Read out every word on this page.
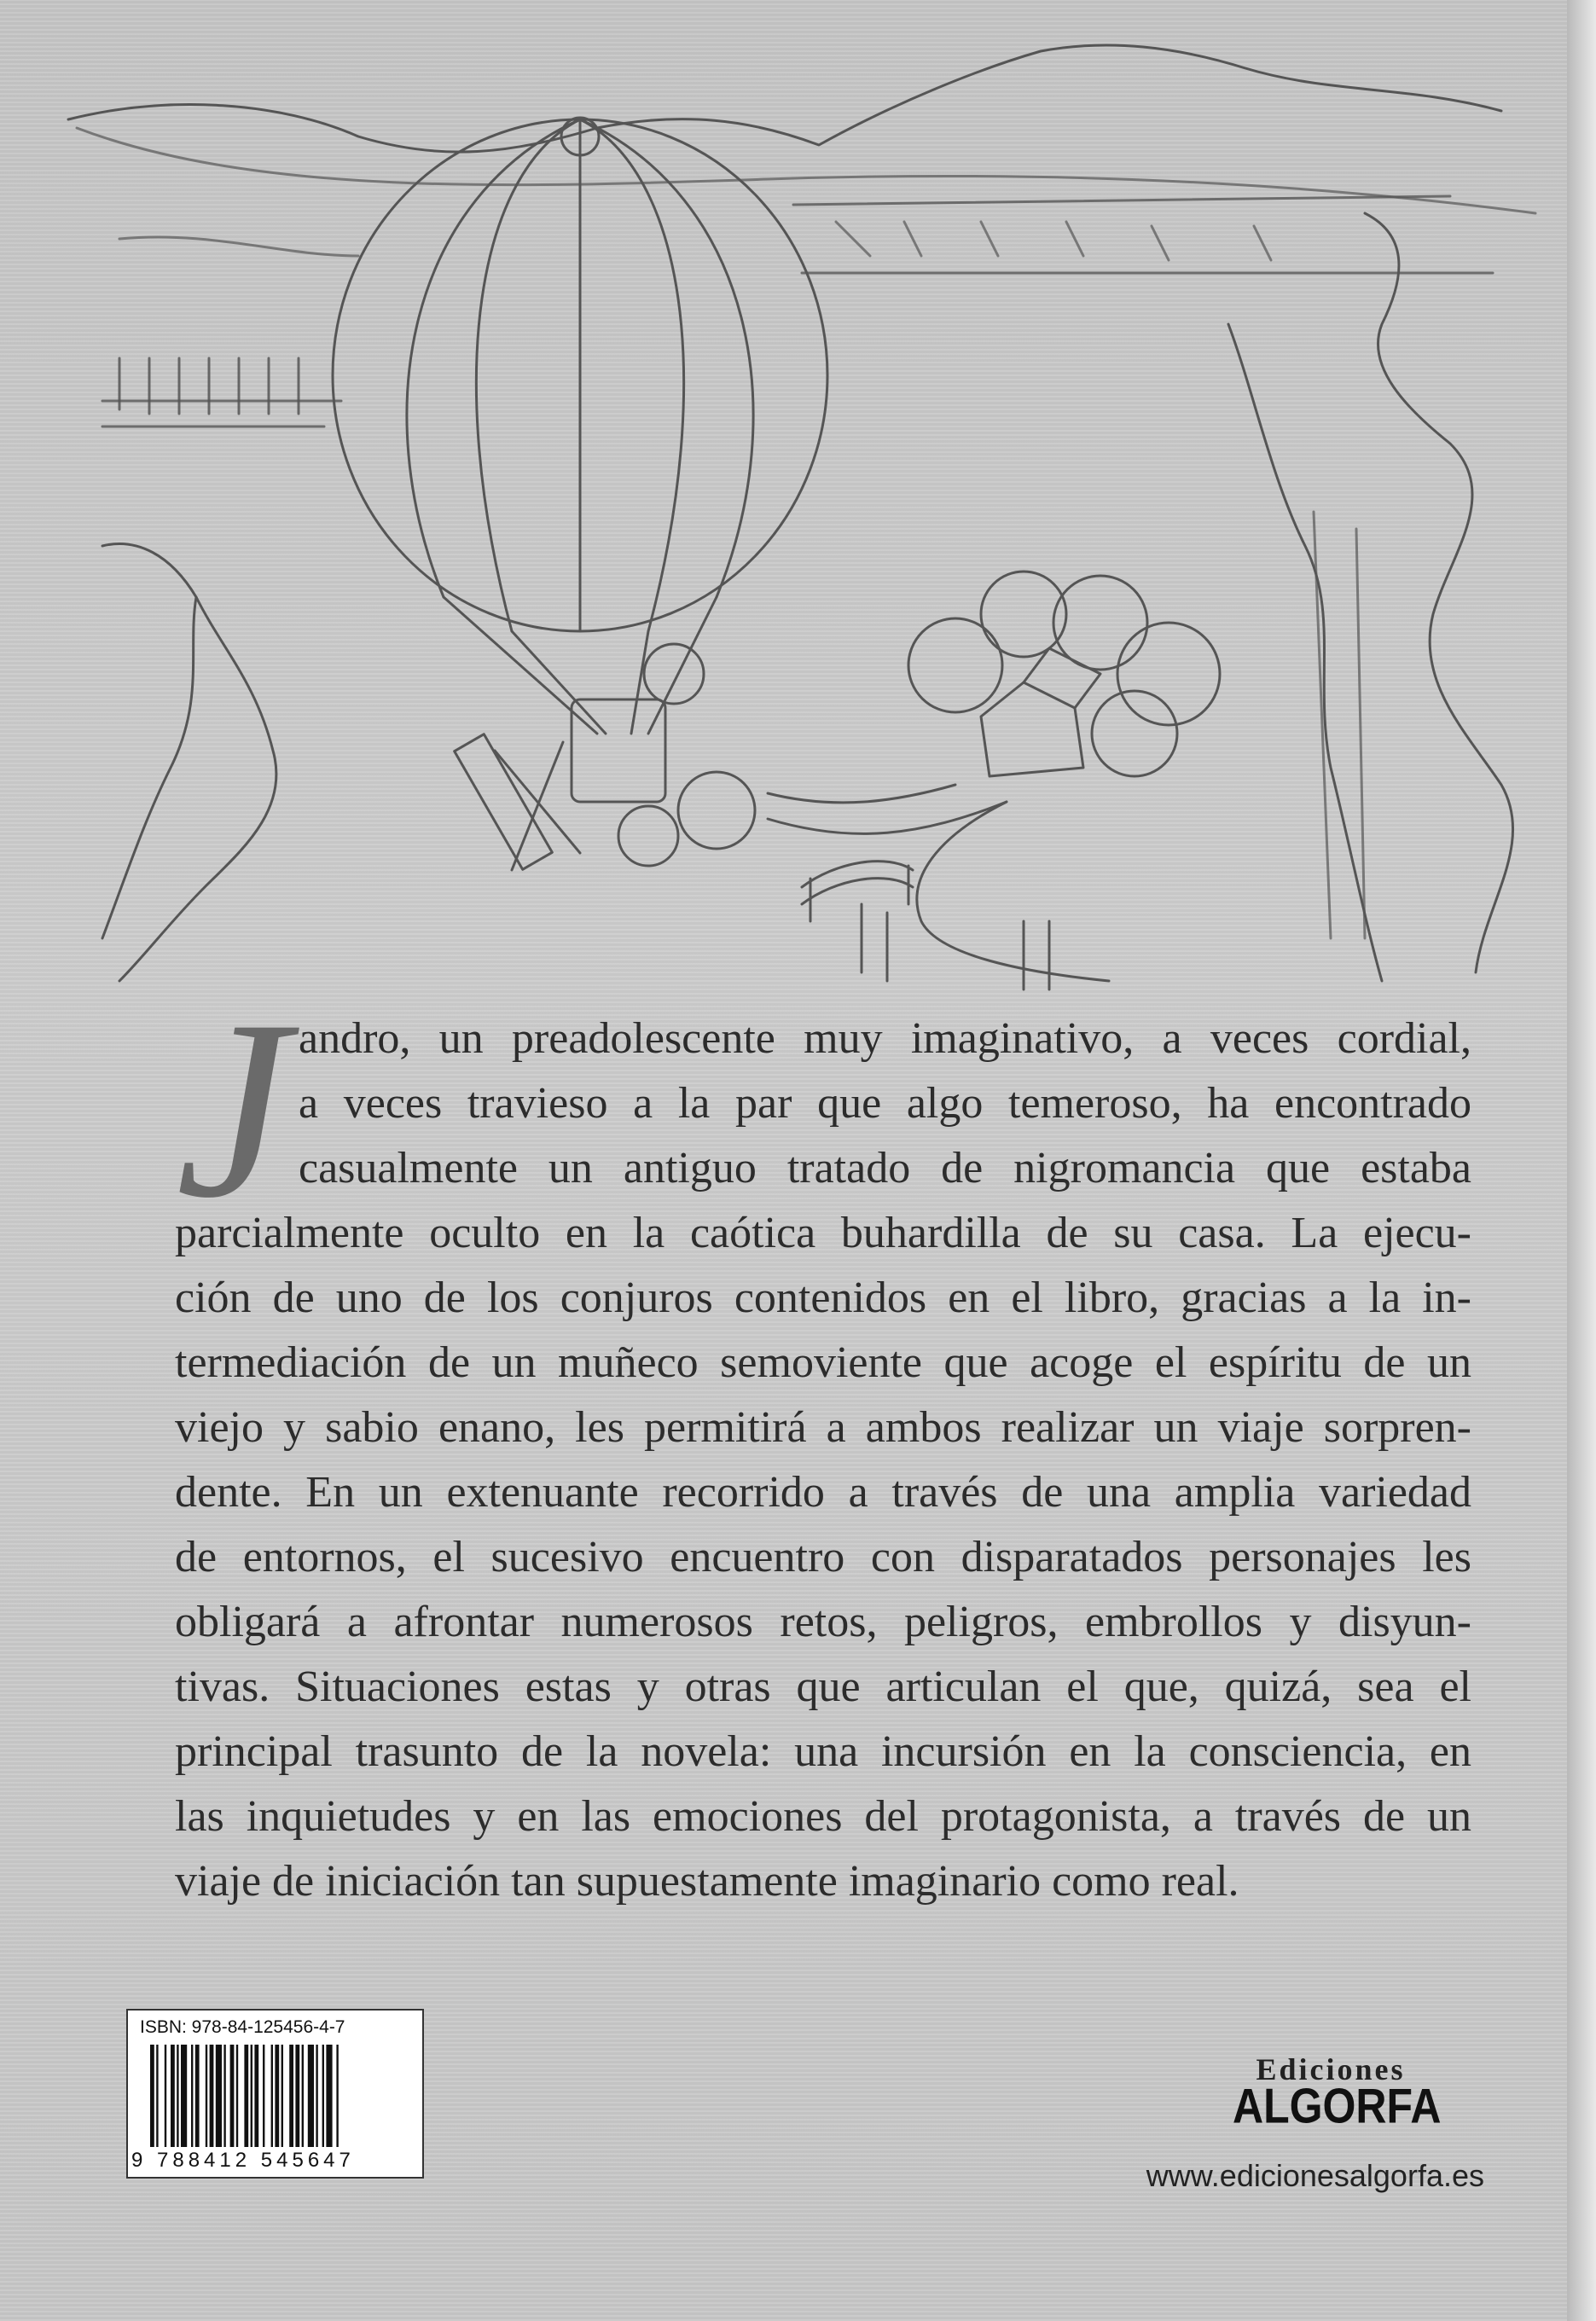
J andro, un preadolescente muy imaginativo, a veces cordial,
a veces travieso a la par que algo temeroso, ha encontrado
casualmente un antiguo tratado de nigromancia que estaba
parcialmente oculto en la caótica buhardilla de su casa. La ejecu-
ción de uno de los conjuros contenidos en el libro, gracias a la in-
termediación de un muñeco semoviente que acoge el espíritu de un
viejo y sabio enano, les permitirá a ambos realizar un viaje sorpren-
dente. En un extenuante recorrido a través de una amplia variedad
de entornos, el sucesivo encuentro con disparatados personajes les
obligará a afrontar numerosos retos, peligros, embrollos y disyun-
tivas. Situaciones estas y otras que articulan el que, quizá, sea el
principal trasunto de la novela: una incursión en la consciencia, en
las inquietudes y en las emociones del protagonista, a través de un
viaje de iniciación tan supuestamente imaginario como real.
ISBN: 978-84-125456-4-7
9 788412 545647
Ediciones
ALGORFA
www.edicionesalgorfa.es
